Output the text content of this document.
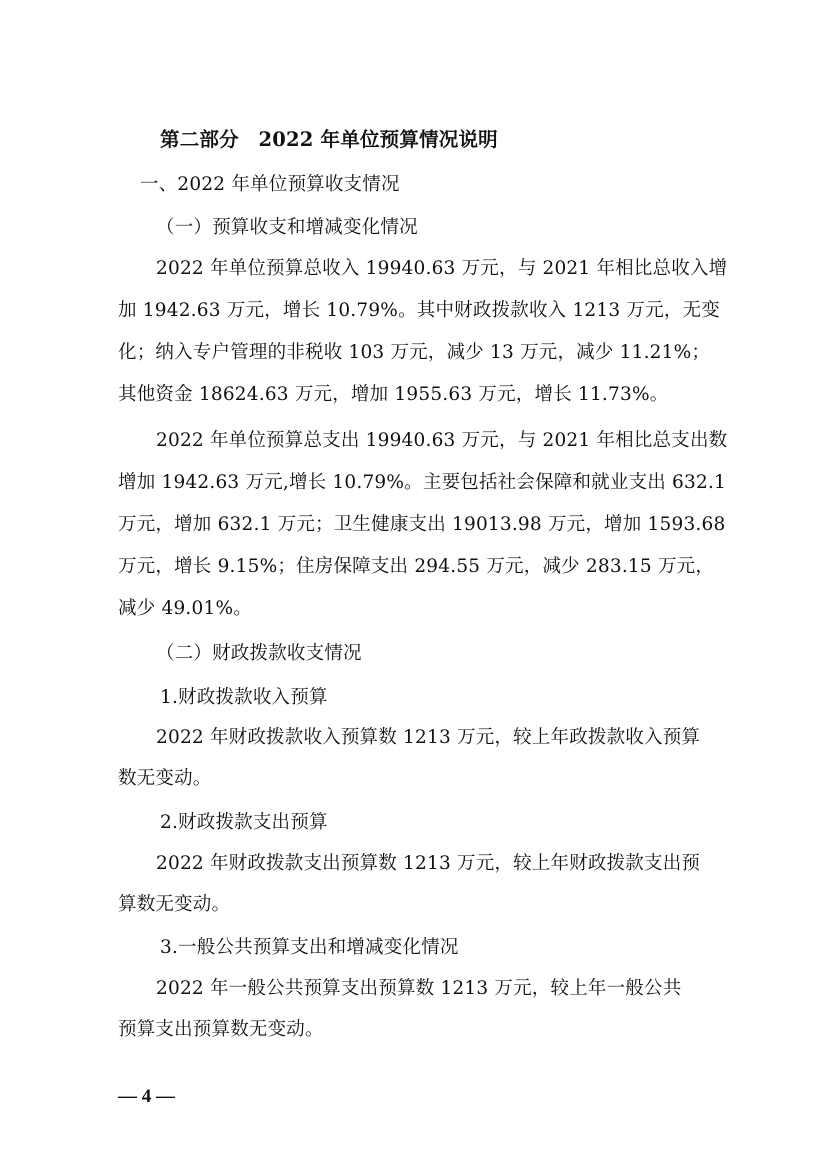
第二部分　2022 年单位预算情况说明
一、2022 年单位预算收支情况
（一）预算收支和增减变化情况
2022 年单位预算总收入 19940.63 万元，与 2021 年相比总收入增
加 1942.63 万元，增长 10.79%。其中财政拨款收入 1213 万元，无变
化；纳入专户管理的非税收 103 万元，减少 13 万元，减少 11.21%；
其他资金 18624.63 万元，增加 1955.63 万元，增长 11.73%。
2022 年单位预算总支出 19940.63 万元，与 2021 年相比总支出数
增加 1942.63 万元,增长 10.79%。主要包括社会保障和就业支出 632.1
万元，增加 632.1 万元；卫生健康支出 19013.98 万元，增加 1593.68
万元，增长 9.15%；住房保障支出 294.55 万元，减少 283.15 万元，
减少 49.01%。
（二）财政拨款收支情况
1.财政拨款收入预算
2022 年财政拨款收入预算数 1213 万元，较上年政拨款收入预算
数无变动。
2.财政拨款支出预算
2022 年财政拨款支出预算数 1213 万元，较上年财政拨款支出预
算数无变动。
3.一般公共预算支出和增减变化情况
2022 年一般公共预算支出预算数 1213 万元，较上年一般公共
预算支出预算数无变动。
— 4 —
